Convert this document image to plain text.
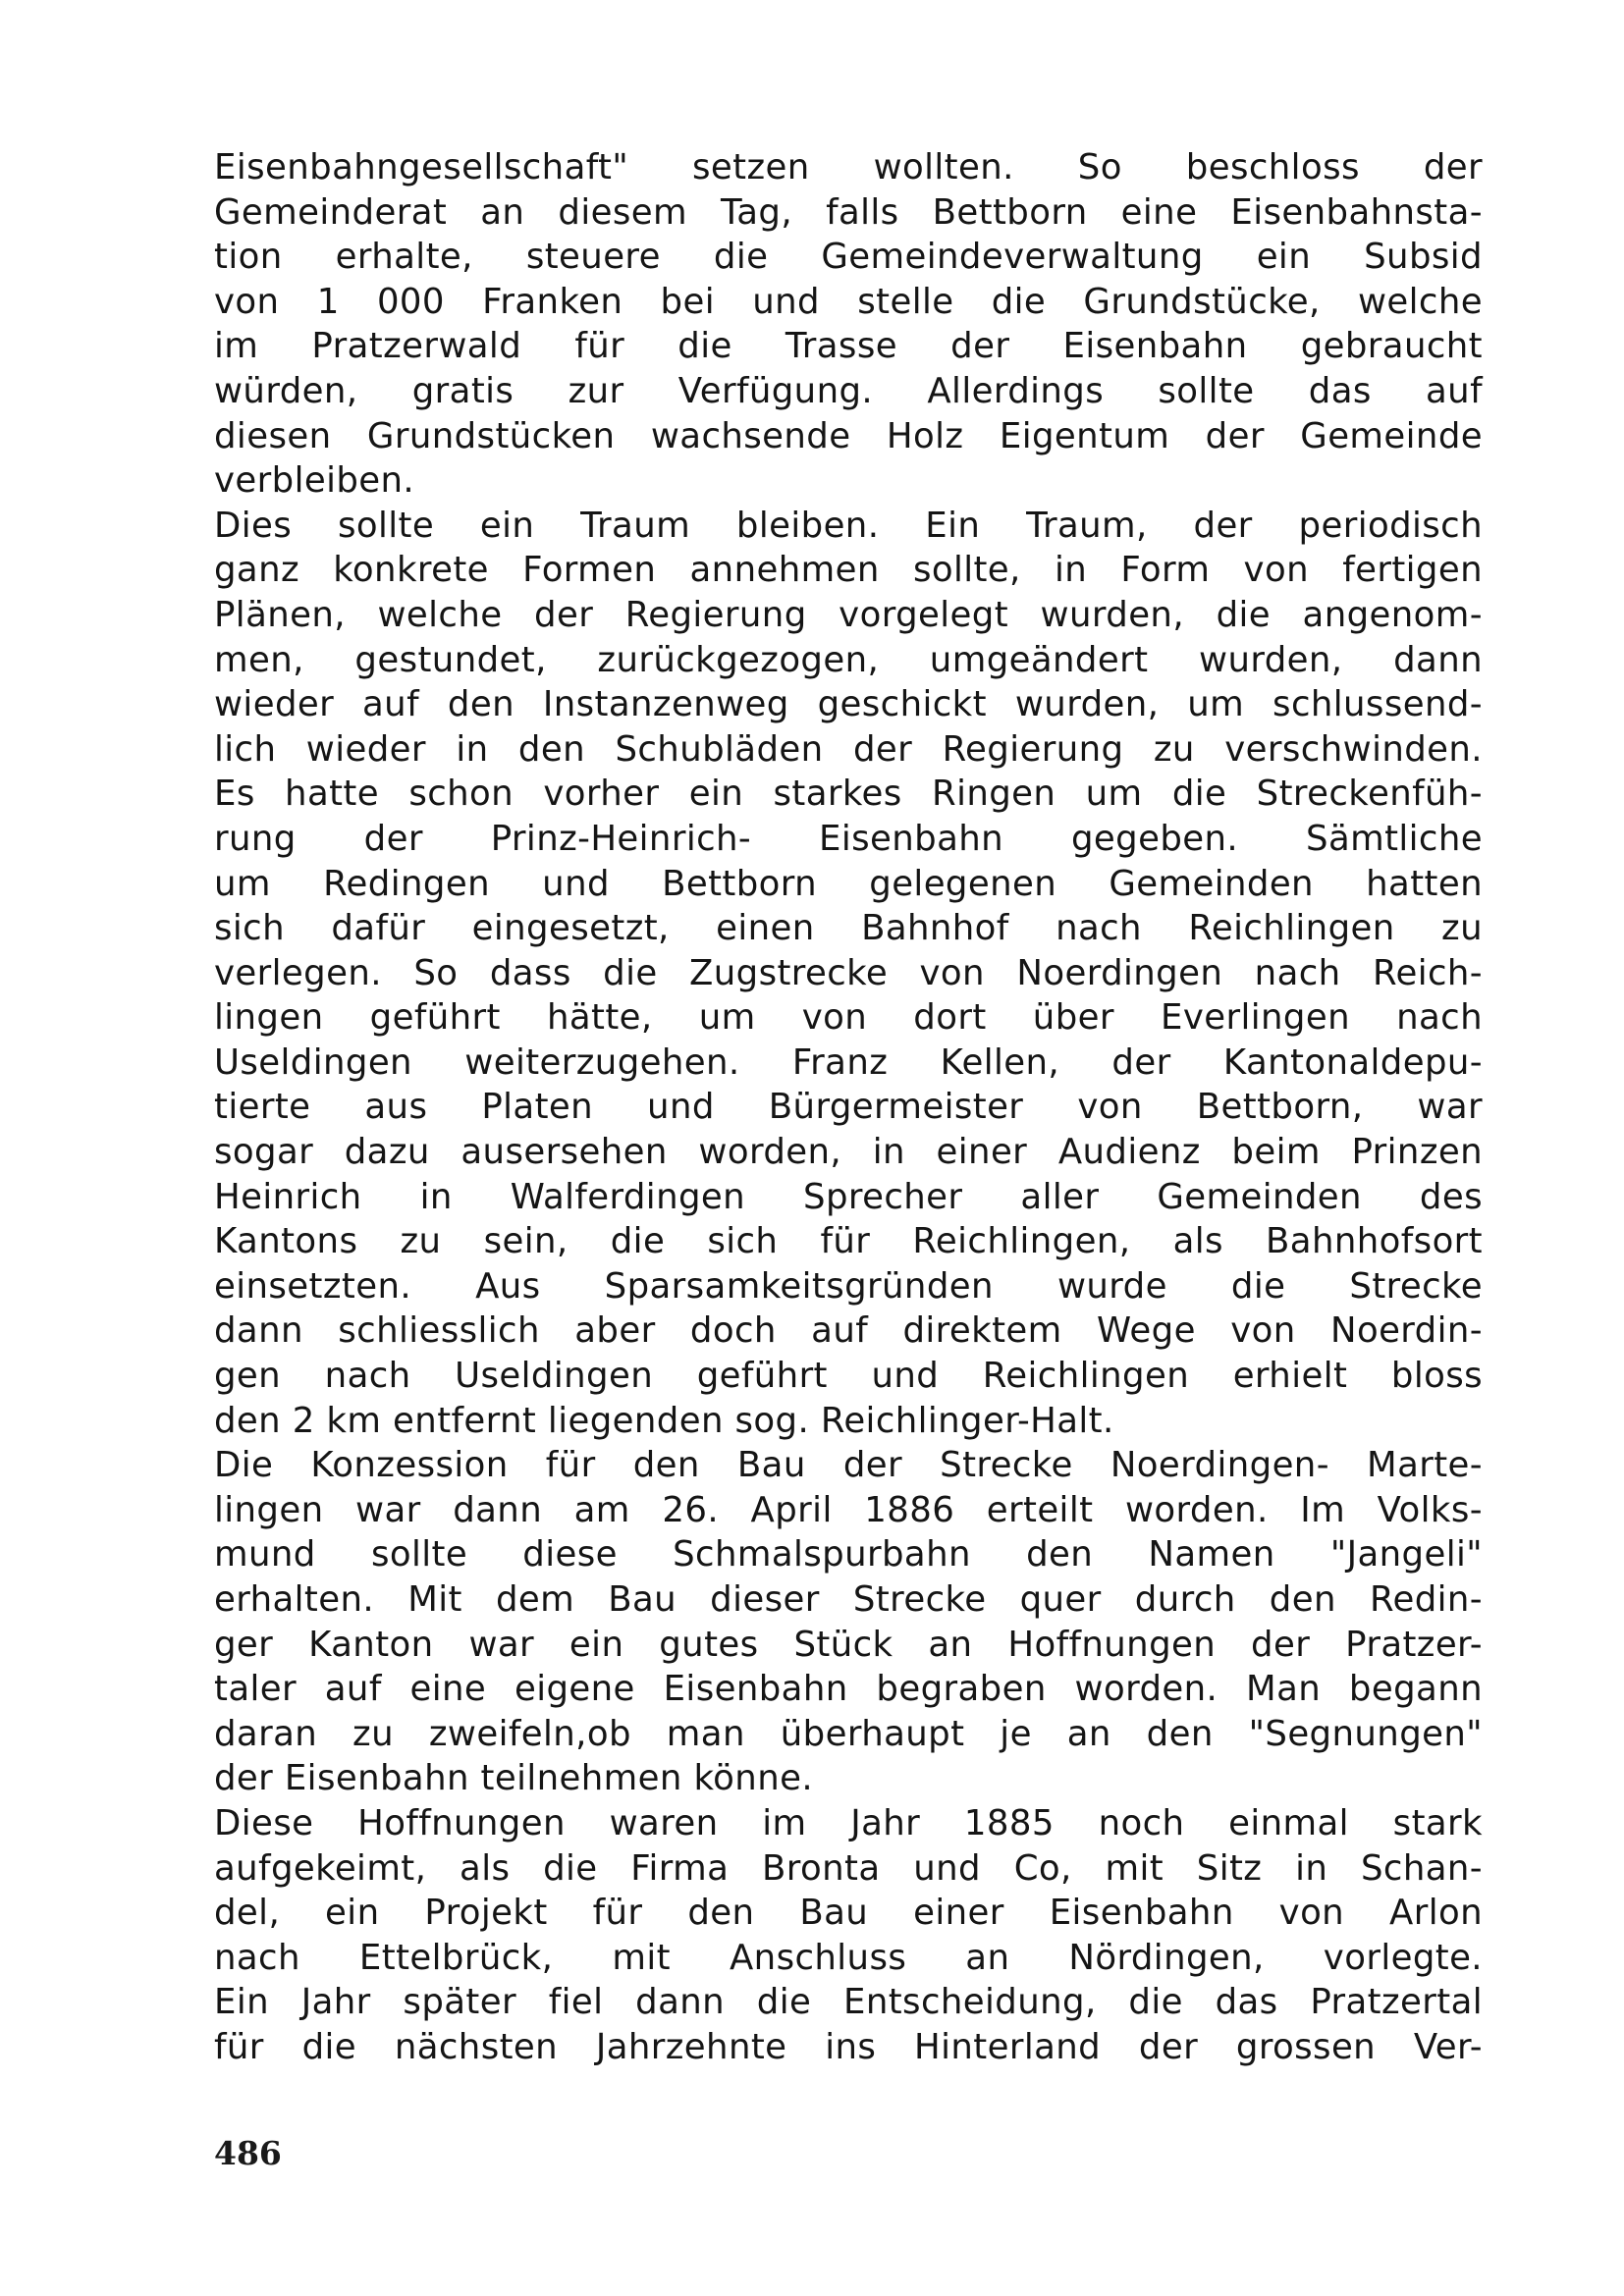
Eisenbahngesellschaft" setzen wollten. So beschloss der
Gemeinderat an diesem Tag, falls Bettborn eine Eisenbahnsta-
tion erhalte, steuere die Gemeindeverwaltung ein Subsid
von 1 000 Franken bei und stelle die Grundstücke, welche
im Pratzerwald für die Trasse der Eisenbahn gebraucht
würden, gratis zur Verfügung. Allerdings sollte das auf
diesen Grundstücken wachsende Holz Eigentum der Gemeinde
verbleiben.
Dies sollte ein Traum bleiben. Ein Traum, der periodisch
ganz konkrete Formen annehmen sollte, in Form von fertigen
Plänen, welche der Regierung vorgelegt wurden, die angenom-
men, gestundet, zurückgezogen, umgeändert wurden, dann
wieder auf den Instanzenweg geschickt wurden, um schlussend-
lich wieder in den Schubläden der Regierung zu verschwinden.
Es hatte schon vorher ein starkes Ringen um die Streckenfüh-
rung der Prinz-Heinrich- Eisenbahn gegeben. Sämtliche
um Redingen und Bettborn gelegenen Gemeinden hatten
sich dafür eingesetzt, einen Bahnhof nach Reichlingen zu
verlegen. So dass die Zugstrecke von Noerdingen nach Reich-
lingen geführt hätte, um von dort über Everlingen nach
Useldingen weiterzugehen. Franz Kellen, der Kantonaldepu-
tierte aus Platen und Bürgermeister von Bettborn, war
sogar dazu ausersehen worden, in einer Audienz beim Prinzen
Heinrich in Walferdingen Sprecher aller Gemeinden des
Kantons zu sein, die sich für Reichlingen, als Bahnhofsort
einsetzten. Aus Sparsamkeitsgründen wurde die Strecke
dann schliesslich aber doch auf direktem Wege von Noerdin-
gen nach Useldingen geführt und Reichlingen erhielt bloss
den 2 km entfernt liegenden sog. Reichlinger-Halt.
Die Konzession für den Bau der Strecke Noerdingen- Marte-
lingen war dann am 26. April 1886 erteilt worden. Im Volks-
mund sollte diese Schmalspurbahn den Namen "Jangeli"
erhalten. Mit dem Bau dieser Strecke quer durch den Redin-
ger Kanton war ein gutes Stück an Hoffnungen der Pratzer-
taler auf eine eigene Eisenbahn begraben worden. Man begann
daran zu zweifeln,ob man überhaupt je an den "Segnungen"
der Eisenbahn teilnehmen könne.
Diese Hoffnungen waren im Jahr 1885 noch einmal stark
aufgekeimt, als die Firma Bronta und Co, mit Sitz in Schan-
del, ein Projekt für den Bau einer Eisenbahn von Arlon
nach Ettelbrück, mit Anschluss an Nördingen, vorlegte.
Ein Jahr später fiel dann die Entscheidung, die das Pratzertal
für die nächsten Jahrzehnte ins Hinterland der grossen Ver-
486
